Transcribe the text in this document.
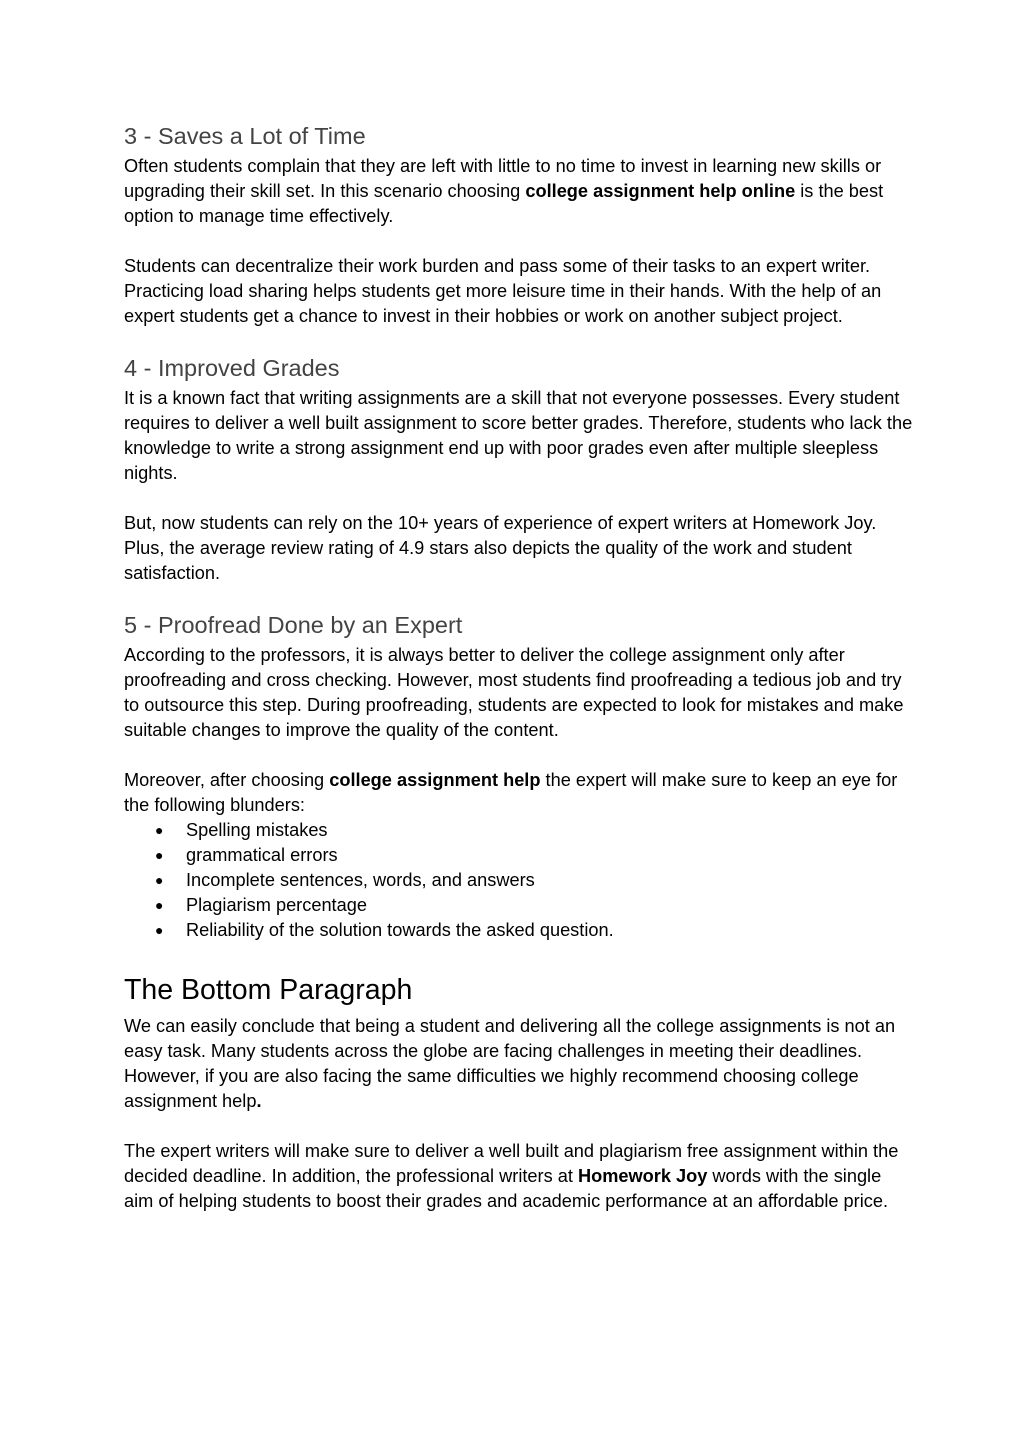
3 - Saves a Lot of Time

Often students complain that they are left with little to no time to invest in learning new skills or upgrading their skill set. In this scenario choosing college assignment help online is the best option to manage time effectively.

Students can decentralize their work burden and pass some of their tasks to an expert writer. Practicing load sharing helps students get more leisure time in their hands. With the help of an expert students get a chance to invest in their hobbies or work on another subject project.

4 - Improved Grades

It is a known fact that writing assignments are a skill that not everyone possesses. Every student requires to deliver a well built assignment to score better grades. Therefore, students who lack the knowledge to write a strong assignment end up with poor grades even after multiple sleepless nights.

But, now students can rely on the 10+ years of experience of expert writers at Homework Joy. Plus, the average review rating of 4.9 stars also depicts the quality of the work and student satisfaction.

5 - Proofread Done by an Expert

According to the professors, it is always better to deliver the college assignment only after proofreading and cross checking. However, most students find proofreading a tedious job and try to outsource this step. During proofreading, students are expected to look for mistakes and make suitable changes to improve the quality of the content.

Moreover, after choosing college assignment help the expert will make sure to keep an eye for the following blunders:

● Spelling mistakes
● grammatical errors
● Incomplete sentences, words, and answers
● Plagiarism percentage
● Reliability of the solution towards the asked question.
The Bottom Paragraph

We can easily conclude that being a student and delivering all the college assignments is not an easy task. Many students across the globe are facing challenges in meeting their deadlines. However, if you are also facing the same difficulties we highly recommend choosing college assignment help.

The expert writers will make sure to deliver a well built and plagiarism free assignment within the decided deadline. In addition, the professional writers at Homework Joy words with the single aim of helping students to boost their grades and academic performance at an affordable price.
